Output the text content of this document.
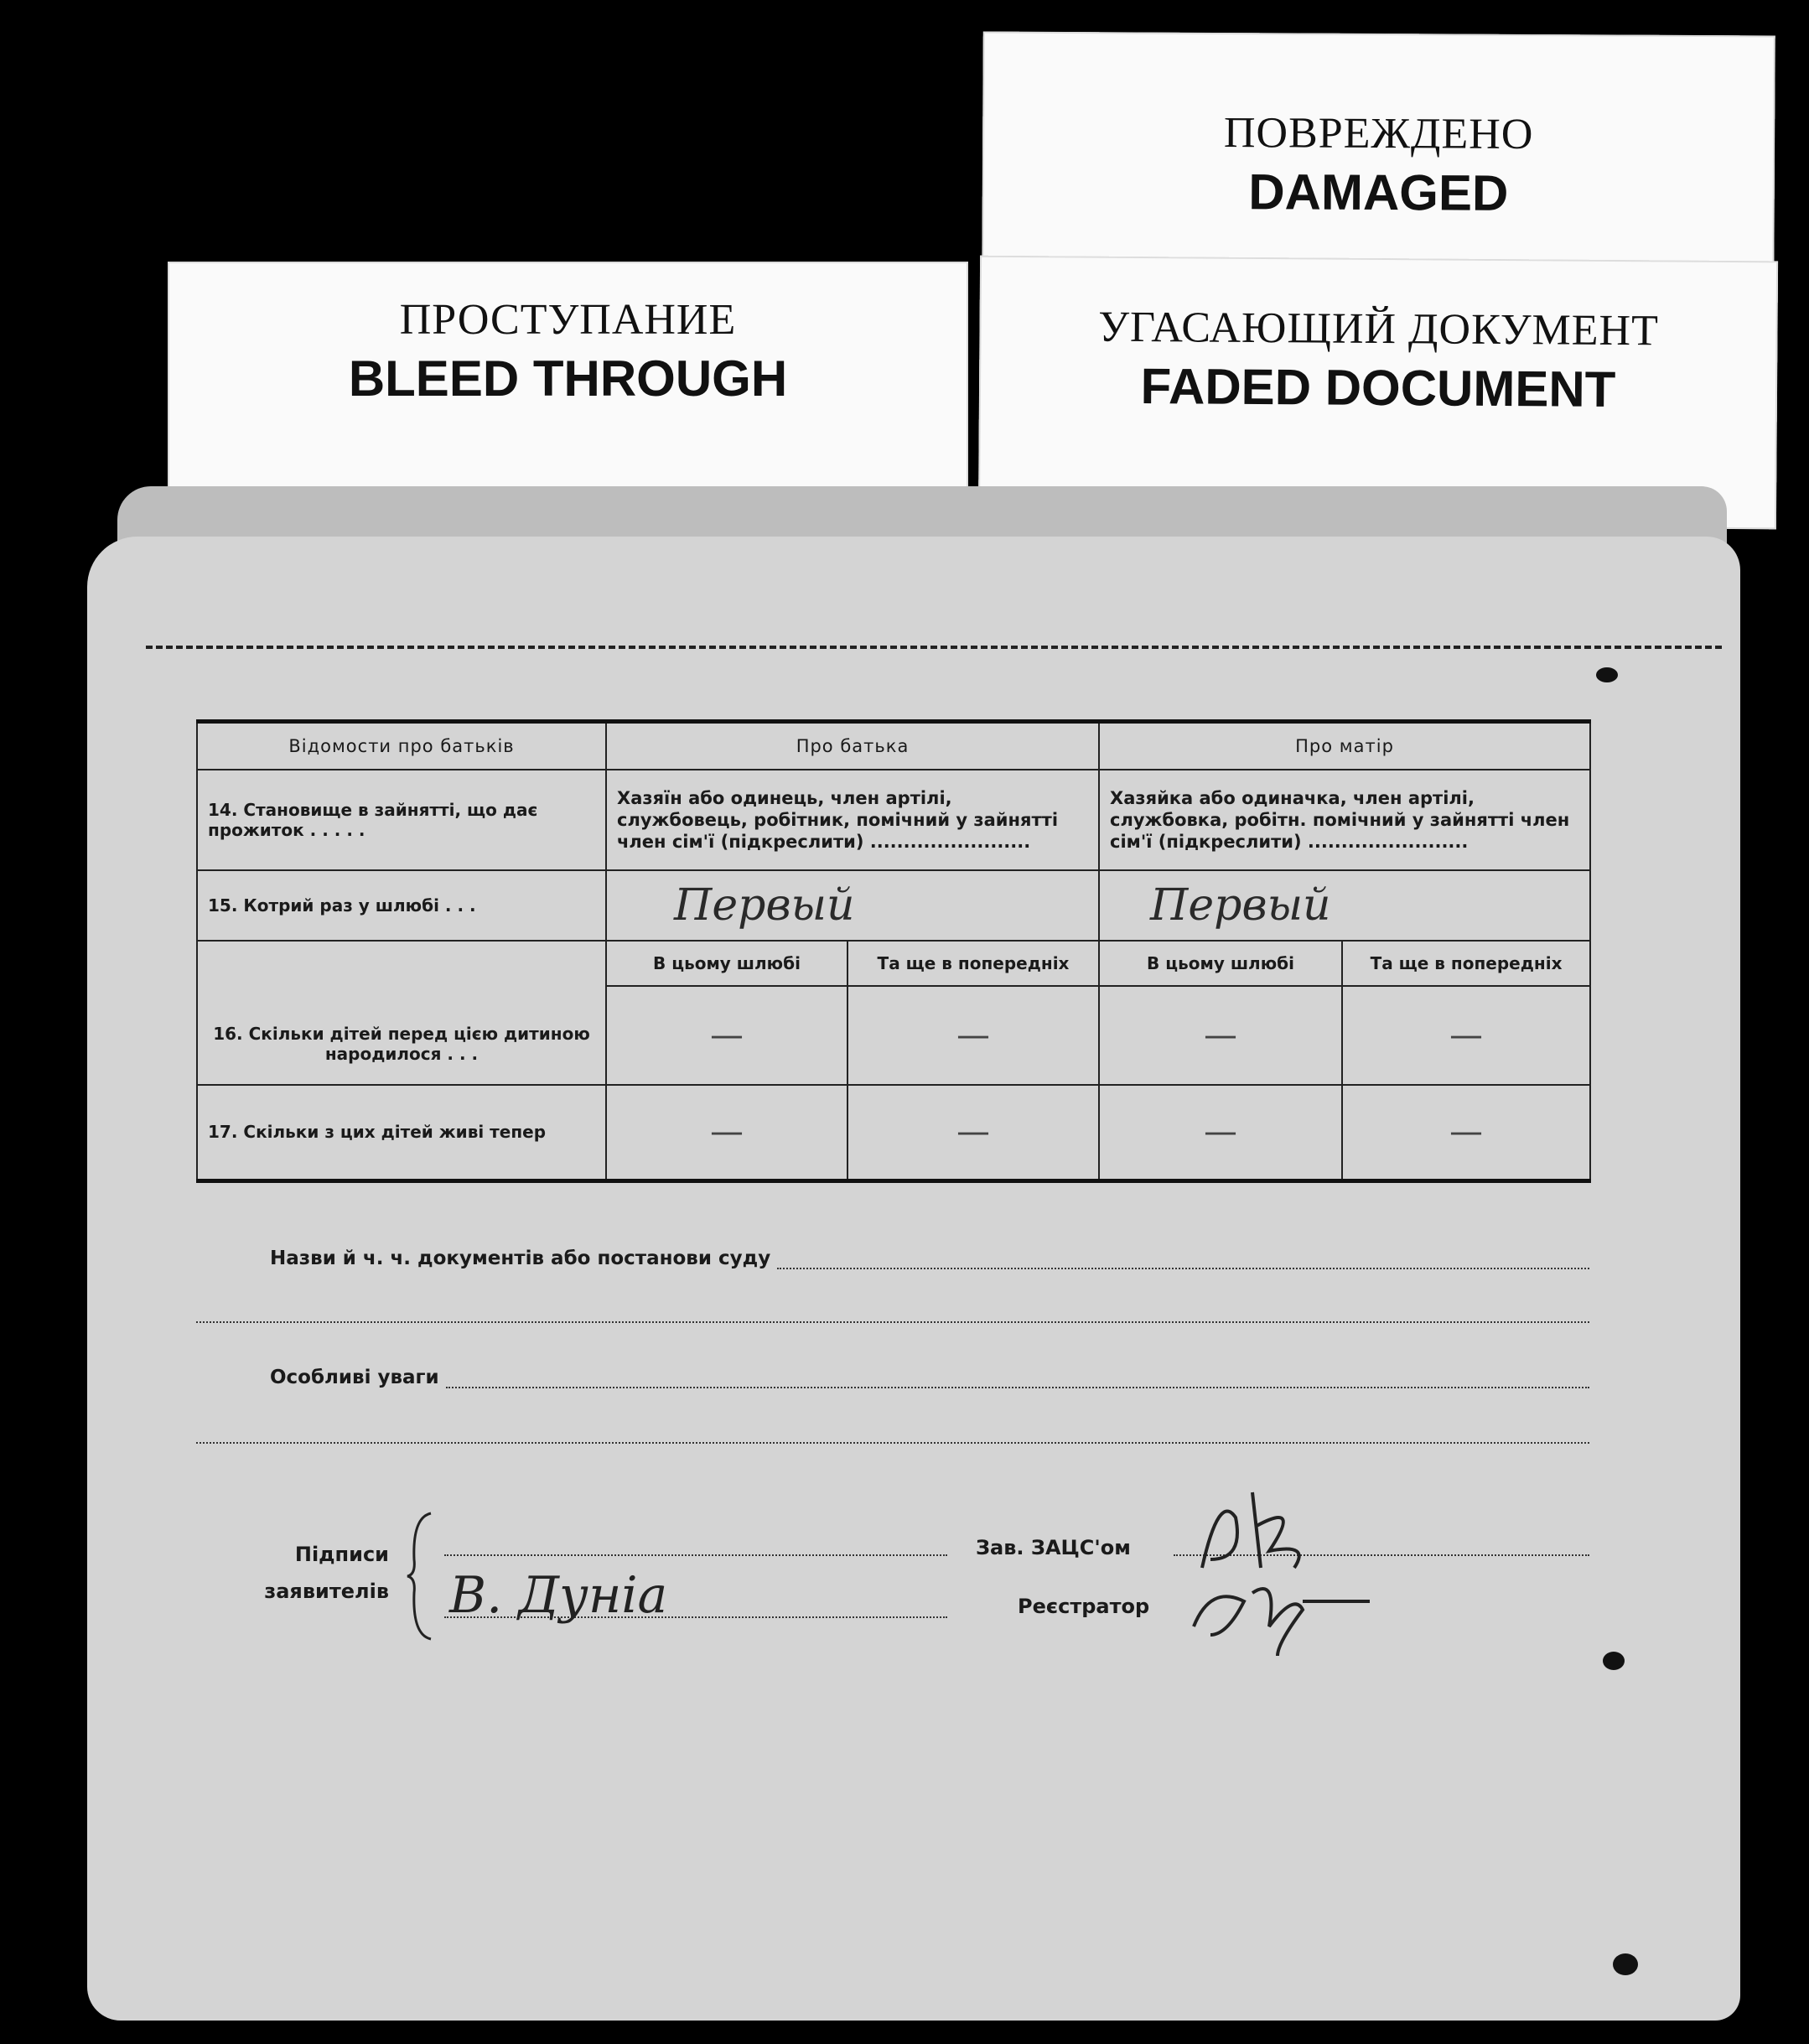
ПОВРЕЖДЕНО
DAMAGED
ПРОСТУПАНИЕ
BLEED THROUGH
УГАСАЮЩИЙ ДОКУМЕНТ
FADED DOCUMENT
Відомости про батьків	Про батька		Про матір	
14. Становище в зайнятті, що дає прожиток . . . . .	Хазяїн або одинець, член артілі, службовець, робітник, помічний у зайнятті член сім'ї (підкреслити) ........................		Хазяйка або одиначка, член артілі, службовка, робітн. помічний у зайнятті член сім'ї (підкреслити) ........................	
15. Котрий раз у шлюбі . . .	Первый		Первый	
16. Скільки дітей перед цією дитиною народилося . . .	В цьому шлюбі	Та ще в попередніх	В цьому шлюбі	Та ще в попередніх
	—	—	—	—
17. Скільки з цих дітей живі тепер	—	—	—	—
Назви й ч. ч. документів або постанови суду
Особливі уваги
Підписи
заявителів В. Дунiа
Зав. ЗАЦС'ом
Реєстратор
